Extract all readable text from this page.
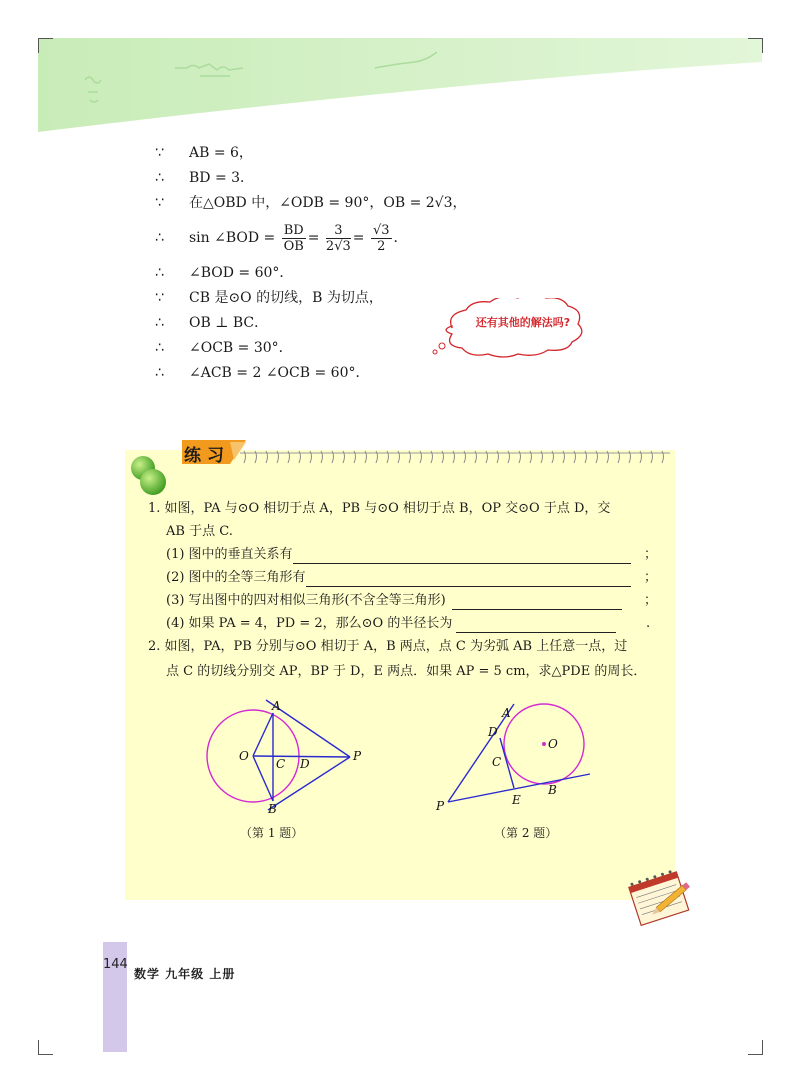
∵ AB = 6，
∴ BD = 3．
∵ 在△OBD 中，∠ODB = 90°，OB = 2√3，
∴ sin ∠BOD = $\frac{BD}{OB} = \frac{3}{2√3} = \frac{√3}{2}$ ．
∴ ∠BOD = 60°．
∵ CB 是⊙O 的切线，B 为切点，
∴ OB ⊥ BC．
∴ ∠OCB = 30°．
∴ ∠ACB = 2 ∠OCB = 60°．
还有其他的解法吗?
练习
1. 如图，PA 与⊙O 相切于点 A，PB 与⊙O 相切于点 B，OP 交⊙O 于点 D，交
AB 于点 C.
(1) 图中的垂直关系有	；
(2) 图中的全等三角形有	；
(3) 写出图中的四对相似三角形(不含全等三角形)	；
(4) 如果 PA = 4，PD = 2，那么⊙O 的半径长为	.
2. 如图，PA，PB 分别与⊙O 相切于 A，B 两点，点 C 为劣弧 AB 上任意一点，过
点 C 的切线分别交 AP，BP 于 D，E 两点．如果 AP = 5 cm，求△PDE 的周长．
A
O
C D
P
B
（第 1 题）
A
D
O
C
E
B
P
（第 2 题）
144
数学 九年级 上册
